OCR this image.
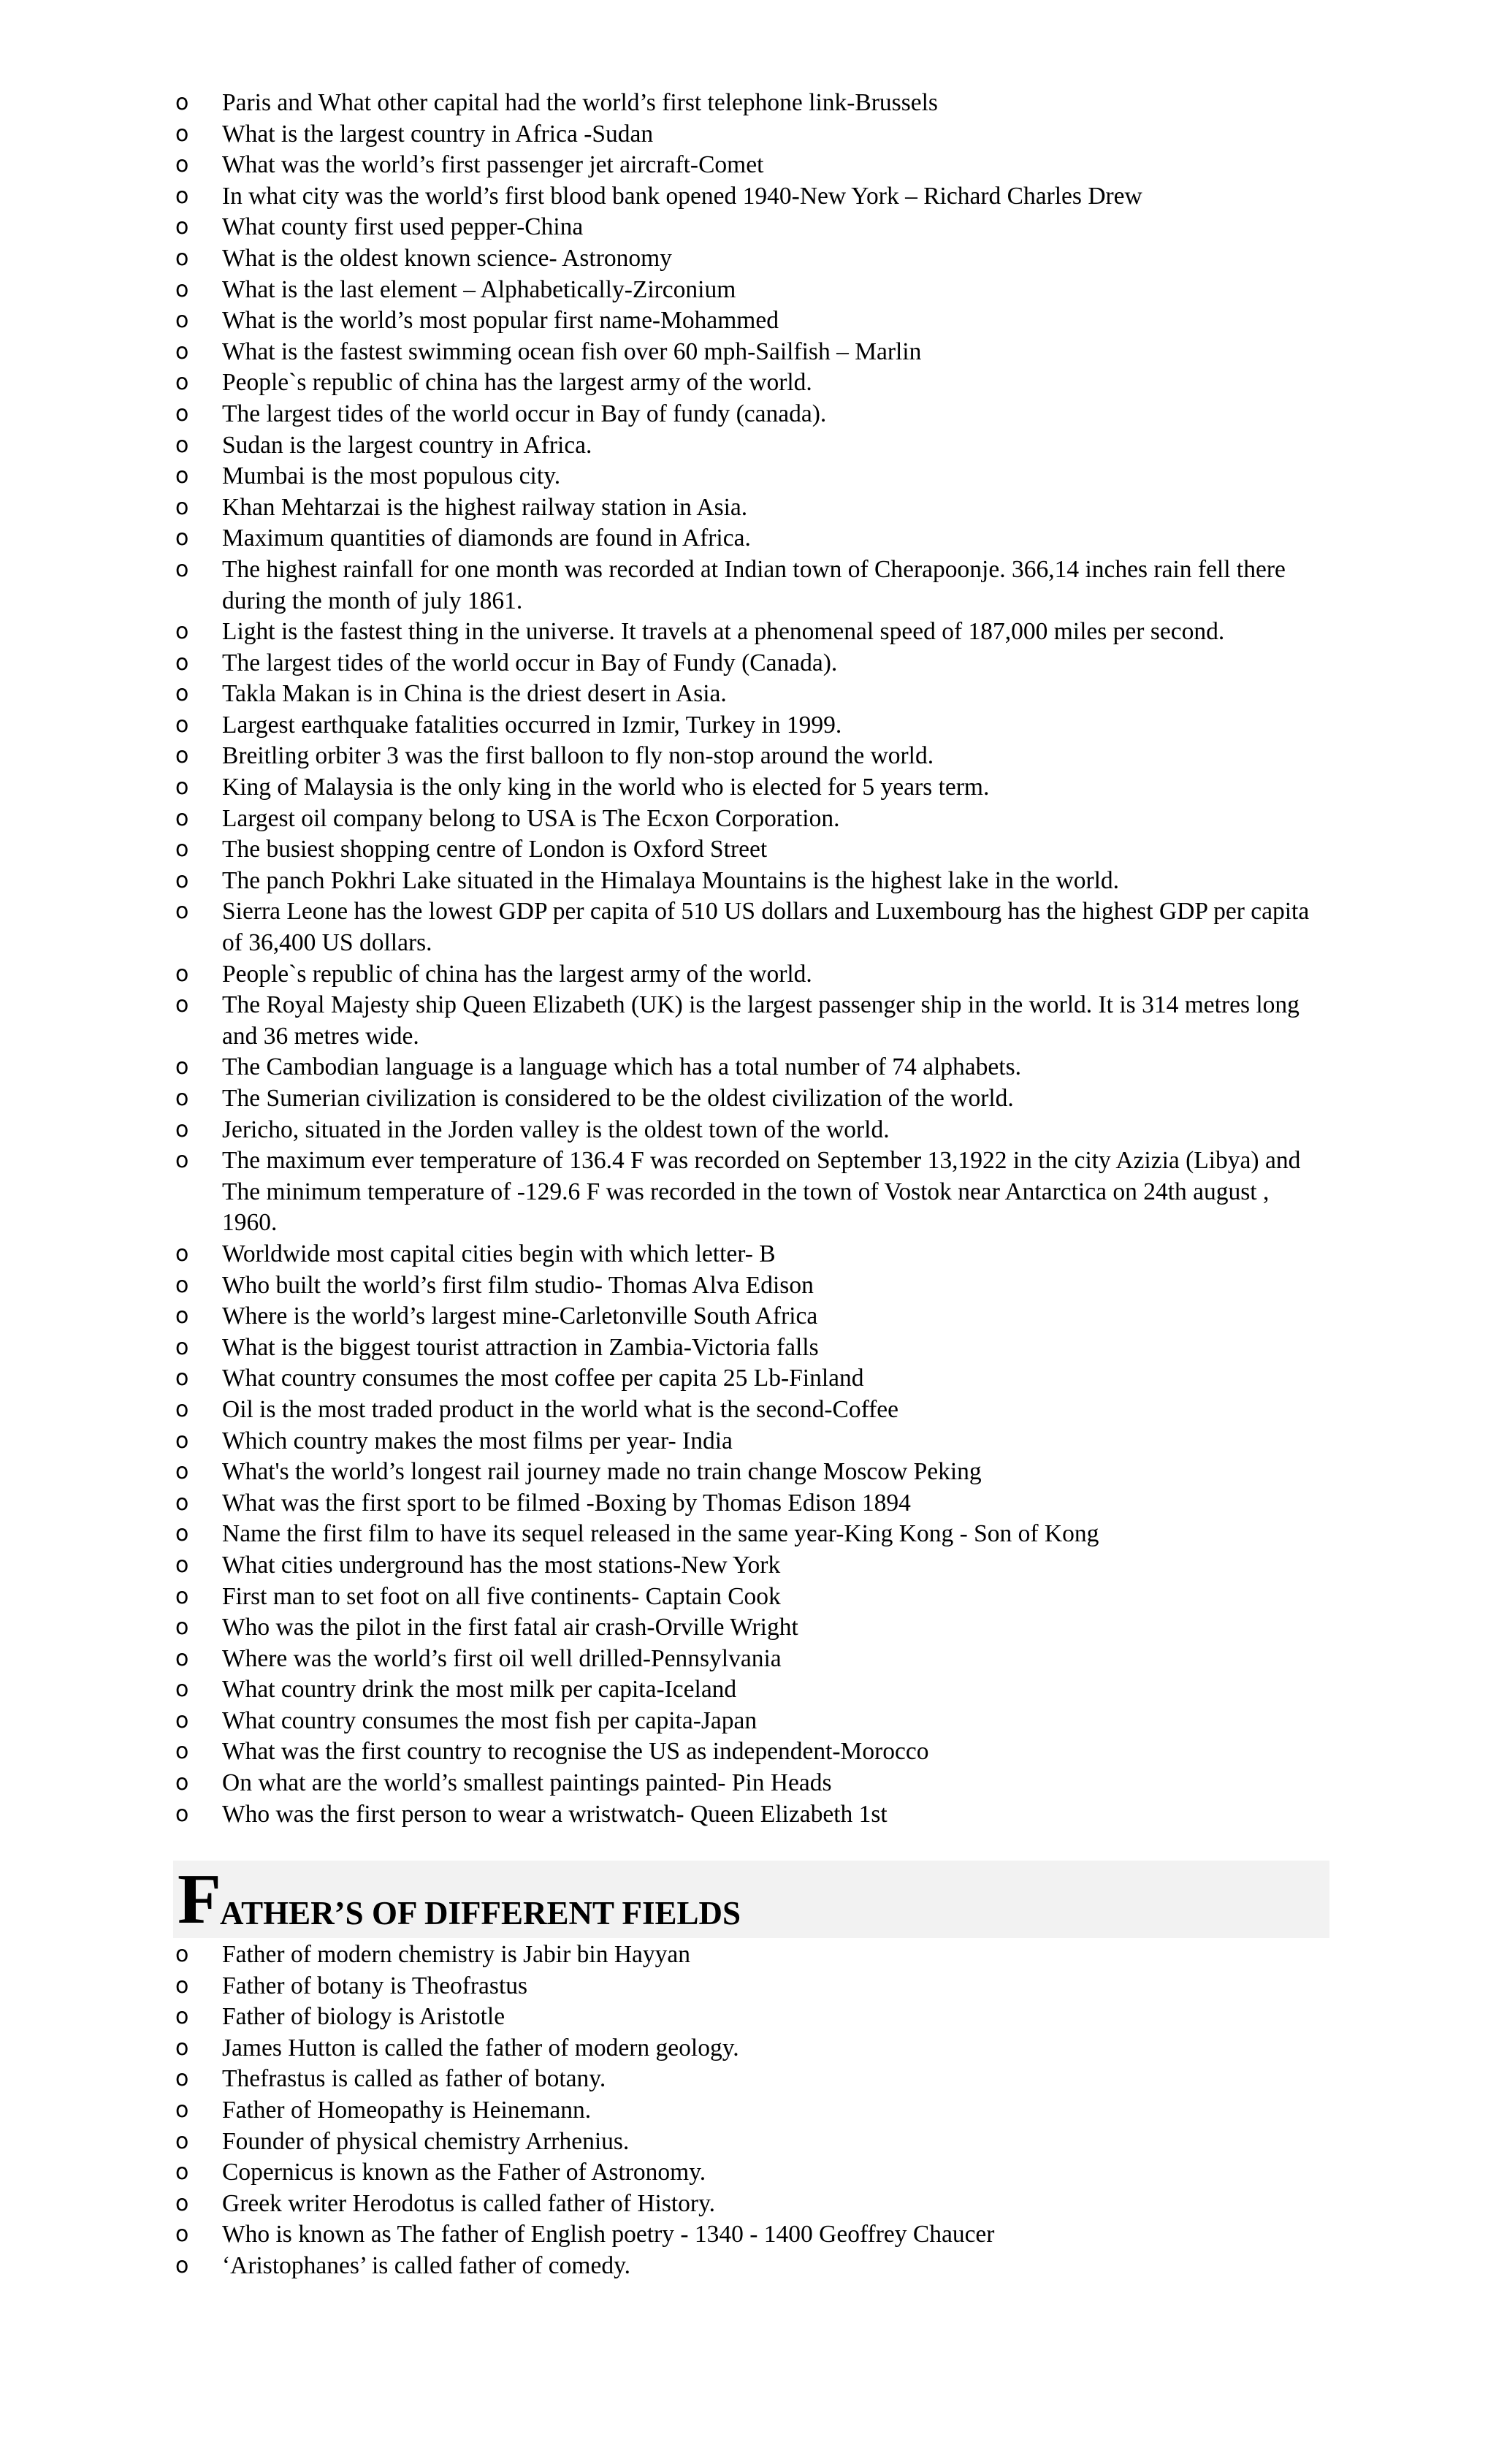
o	Paris and What other capital had the world’s first telephone link-Brussels
o	What is the largest country in Africa -Sudan
o	What was the world’s first passenger jet aircraft-Comet
o	In what city was the world’s first blood bank opened 1940-New York – Richard Charles Drew
o	What county first used pepper-China
o	What is the oldest known science- Astronomy
o	What is the last element – Alphabetically-Zirconium
o	What is the world’s most popular first name-Mohammed
o	What is the fastest swimming ocean fish over 60 mph-Sailfish – Marlin
o	People`s republic of china has the largest army of the world.
o	The largest tides of the world occur in Bay of fundy (canada).
o	Sudan is the largest country in Africa.
o	Mumbai is the most populous city.
o	Khan Mehtarzai is the highest railway station in Asia.
o	Maximum quantities of diamonds are found in Africa.
o	The highest rainfall for one month was recorded at Indian town of Cherapoonje. 366,14 inches rain fell there during the month of july 1861.
o	Light is the fastest thing in the universe. It travels at a phenomenal speed of 187,000 miles per second.
o	The largest tides of the world occur in Bay of Fundy (Canada).
o	Takla Makan is in China is the driest desert in Asia.
o	Largest earthquake fatalities occurred in Izmir, Turkey in 1999.
o	Breitling orbiter 3 was the first balloon to fly non-stop around the world.
o	King of Malaysia is the only king in the world who is elected for 5 years term.
o	Largest oil company belong to USA is The Ecxon Corporation.
o	The busiest shopping centre of London is Oxford Street
o	The panch Pokhri Lake situated in the Himalaya Mountains is the highest lake in the world.
o	Sierra Leone has the lowest GDP per capita of 510 US dollars and Luxembourg has the highest GDP per capita of 36,400 US dollars.
o	People`s republic of china has the largest army of the world.
o	The Royal Majesty ship Queen Elizabeth (UK) is the largest passenger ship in the world. It is 314 metres long and 36 metres wide.
o	The Cambodian language is a language which has a total number of 74 alphabets.
o	The Sumerian civilization is considered to be the oldest civilization of the world.
o	Jericho, situated in the Jorden valley is the oldest town of the world.
o	The maximum ever temperature of 136.4 F was recorded on September 13,1922 in the city Azizia (Libya) and The minimum temperature of -129.6 F was recorded in the town of Vostok near Antarctica on 24th august , 1960.
o	Worldwide most capital cities begin with which letter- B
o	Who built the world’s first film studio- Thomas Alva Edison
o	Where is the world’s largest mine-Carletonville South Africa
o	What is the biggest tourist attraction in Zambia-Victoria falls
o	What country consumes the most coffee per capita 25 Lb-Finland
o	Oil is the most traded product in the world what is the second-Coffee
o	Which country makes the most films per year- India
o	What's the world’s longest rail journey made no train change Moscow Peking
o	What was the first sport to be filmed -Boxing by Thomas Edison 1894
o	Name the first film to have its sequel released in the same year-King Kong - Son of Kong
o	What cities underground has the most stations-New York
o	First man to set foot on all five continents- Captain Cook
o	Who was the pilot in the first fatal air crash-Orville Wright
o	Where was the world’s first oil well drilled-Pennsylvania
o	What country drink the most milk per capita-Iceland
o	What country consumes the most fish per capita-Japan
o	What was the first country to recognise the US as independent-Morocco
o	On what are the world’s smallest paintings painted- Pin Heads
o	Who was the first person to wear a wristwatch- Queen Elizabeth 1st
F
ATHER’S OF DIFFERENT FIELDS
o	Father of modern chemistry is Jabir bin Hayyan
o	Father of botany is Theofrastus
o	Father of biology is Aristotle
o	James Hutton is called the father of modern geology.
o	Thefrastus is called as father of botany.
o	Father of Homeopathy is Heinemann.
o	Founder of physical chemistry Arrhenius.
o	Copernicus is known as the Father of Astronomy.
o	Greek writer Herodotus is called father of History.
o	Who is known as The father of English poetry - 1340 - 1400 Geoffrey Chaucer
o	‘Aristophanes’ is called father of comedy.
